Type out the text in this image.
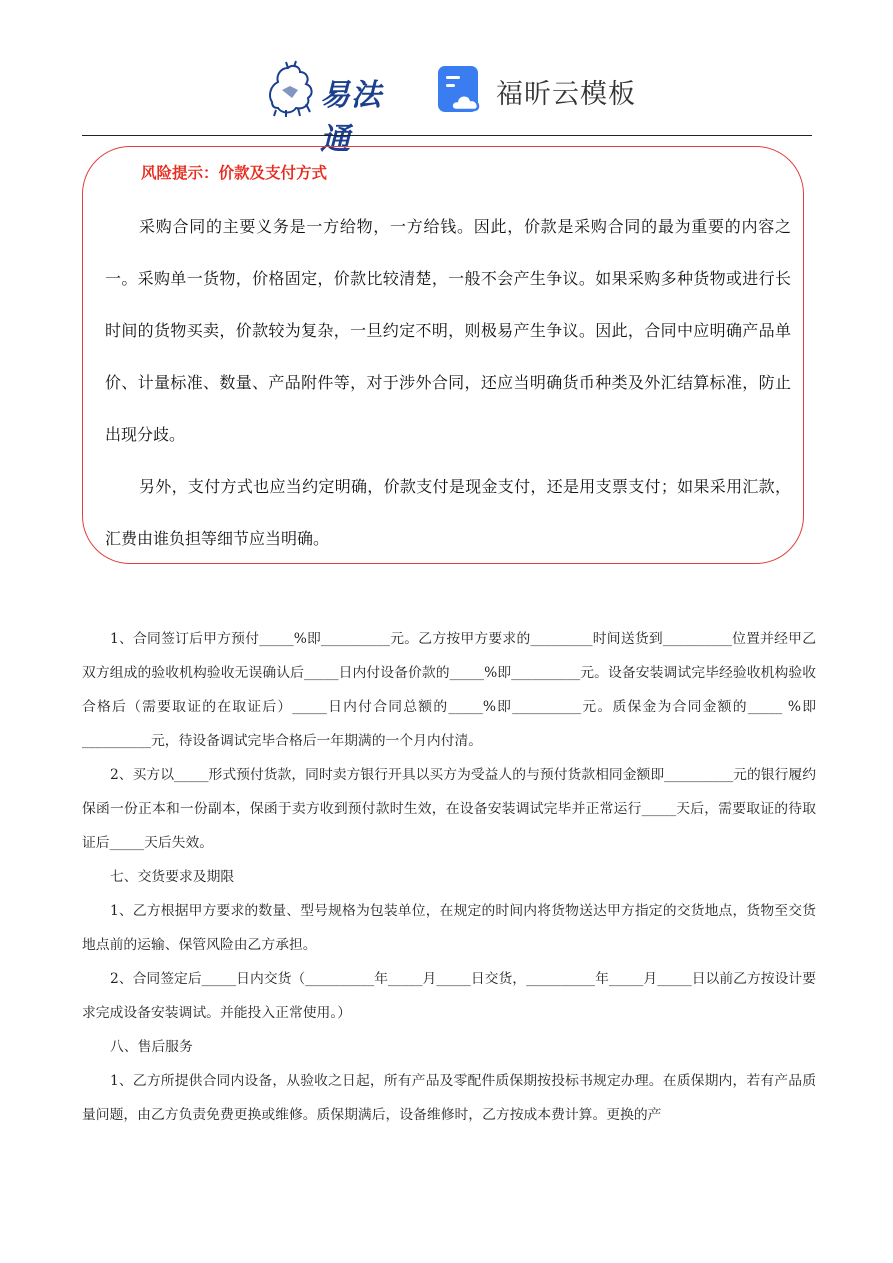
易法通
福昕云模板
风险提示：价款及支付方式
采购合同的主要义务是一方给物，一方给钱。因此，价款是采购合同的最为重要的内容之一。采购单一货物，价格固定，价款比较清楚，一般不会产生争议。如果采购多种货物或进行长时间的货物买卖，价款较为复杂，一旦约定不明，则极易产生争议。因此，合同中应明确产品单价、计量标准、数量、产品附件等，对于涉外合同，还应当明确货币种类及外汇结算标准，防止出现分歧。
另外，支付方式也应当约定明确，价款支付是现金支付，还是用支票支付；如果采用汇款，汇费由谁负担等细节应当明确。

1、合同签订后甲方预付_____%即__________元。乙方按甲方要求的_________时间送货到__________位置并经甲乙双方组成的验收机构验收无误确认后_____日内付设备价款的_____%即__________元。设备安装调试完毕经验收机构验收合格后（需要取证的在取证后）_____日内付合同总额的_____%即__________元。质保金为合同金额的_____ %即__________元，待设备调试完毕合格后一年期满的一个月内付清。

2、买方以_____形式预付货款，同时卖方银行开具以买方为受益人的与预付货款相同金额即__________元的银行履约保函一份正本和一份副本，保函于卖方收到预付款时生效，在设备安装调试完毕并正常运行_____天后，需要取证的待取证后_____天后失效。

七、交货要求及期限

1、乙方根据甲方要求的数量、型号规格为包装单位，在规定的时间内将货物送达甲方指定的交货地点，货物至交货地点前的运输、保管风险由乙方承担。

2、合同签定后_____日内交货（__________年_____月_____日交货，__________年_____月_____日以前乙方按设计要求完成设备安装调试。并能投入正常使用。）

八、售后服务

1、乙方所提供合同内设备，从验收之日起，所有产品及零配件质保期按投标书规定办理。在质保期内，若有产品质量问题，由乙方负责免费更换或维修。质保期满后，设备维修时，乙方按成本费计算。更换的产
